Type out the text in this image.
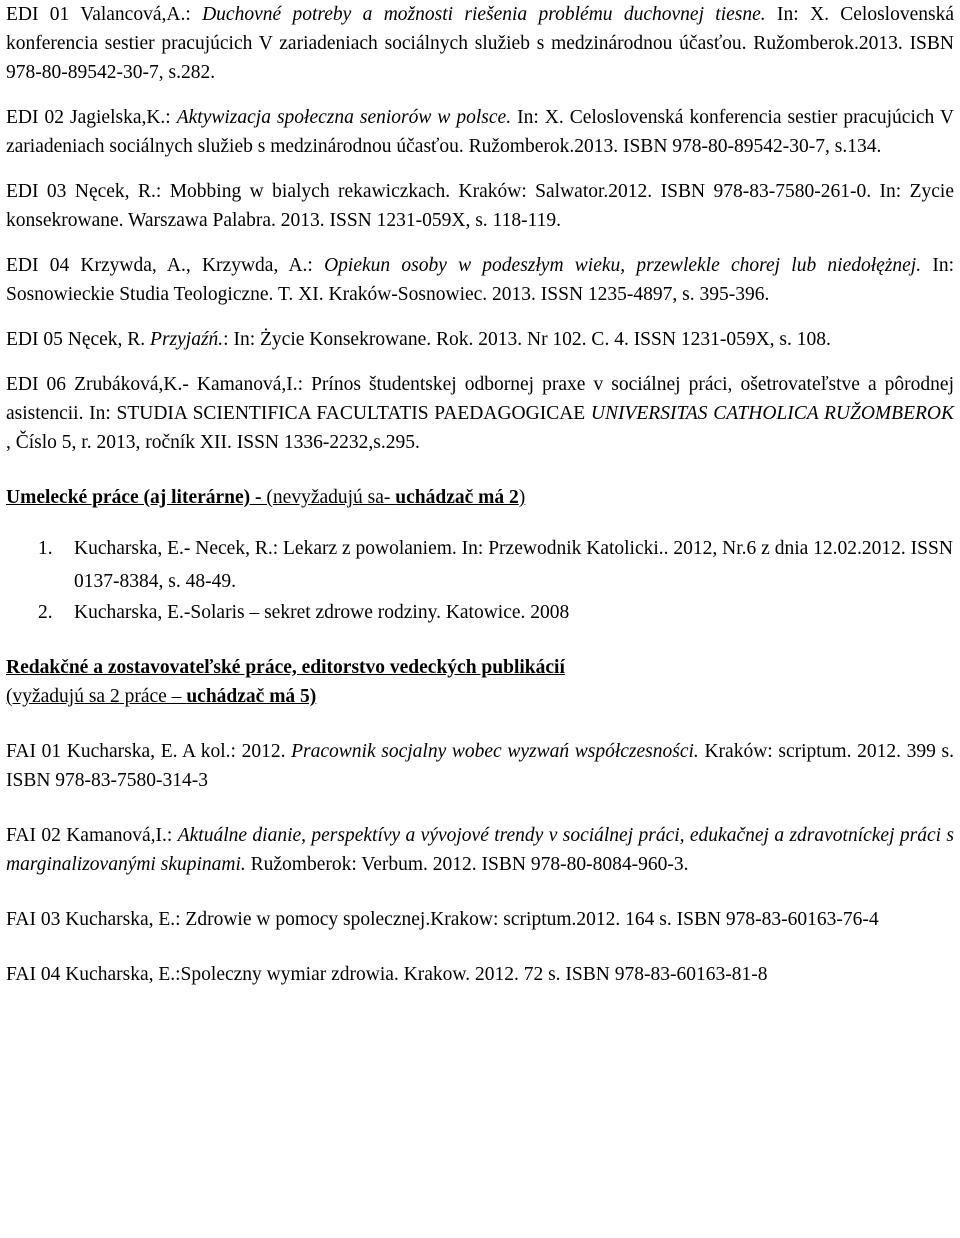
EDI 01 Valancová,A.: Duchovné potreby a možnosti riešenia problému duchovnej tiesne. In: X. Celoslovenská konferencia sestier pracujúcich V zariadeniach sociálnych služieb s medzinárodnou účasťou. Ružomberok.2013. ISBN 978-80-89542-30-7, s.282.

EDI 02 Jagielska,K.: Aktywizacja społeczna seniorów w polsce. In: X. Celoslovenská konferencia sestier pracujúcich V zariadeniach sociálnych služieb s medzinárodnou účasťou. Ružomberok.2013. ISBN 978-80-89542-30-7, s.134.

EDI 03 Nęcek, R.: Mobbing w bialych rekawiczkach. Kraków: Salwator.2012. ISBN 978-83-7580-261-0. In: Zycie konsekrowane. Warszawa Palabra. 2013. ISSN 1231-059X, s. 118-119.

EDI 04 Krzywda, A., Krzywda, A.: Opiekun osoby w podeszłym wieku, przewlekle chorej lub niedołężnej. In: Sosnowieckie Studia Teologiczne. T. XI. Kraków-Sosnowiec. 2013. ISSN 1235-4897, s. 395-396.

EDI 05 Nęcek, R. Przyjaźń.: In: Życie Konsekrowane. Rok. 2013. Nr 102. C. 4. ISSN 1231-059X, s. 108.

EDI 06 Zrubáková,K.- Kamanová,I.: Prínos študentskej odbornej praxe v sociálnej práci, ošetrovateľstve a pôrodnej asistencii. In: STUDIA SCIENTIFICA FACULTATIS PAEDAGOGICAE UNIVERSITAS CATHOLICA RUŽOMBEROK , Číslo 5, r. 2013, ročník XII. ISSN 1336-2232,s.295.

Umelecké práce (aj literárne) - (nevyžadujú sa- uchádzač má 2)

1. Kucharska, E.- Necek, R.: Lekarz z powolaniem. In: Przewodnik Katolicki.. 2012, Nr.6 z dnia 12.02.2012. ISSN 0137-8384, s. 48-49.
2. Kucharska, E.-Solaris – sekret zdrowe rodziny. Katowice. 2008

Redakčné a zostavovateľské práce, editorstvo vedeckých publikácií

(vyžadujú sa 2 práce – uchádzač má 5)

FAI 01 Kucharska, E. A kol.: 2012. Pracownik socjalny wobec wyzwań współczesności. Kraków: scriptum. 2012. 399 s. ISBN 978-83-7580-314-3

FAI 02 Kamanová,I.: Aktuálne dianie, perspektívy a vývojové trendy v sociálnej práci, edukačnej a zdravotníckej práci s marginalizovanými skupinami. Ružomberok: Verbum. 2012. ISBN 978-80-8084-960-3.

FAI 03 Kucharska, E.: Zdrowie w pomocy spolecznej.Krakow: scriptum.2012. 164 s. ISBN 978-83-60163-76-4

FAI 04 Kucharska, E.:Spoleczny wymiar zdrowia. Krakow. 2012. 72 s. ISBN 978-83-60163-81-8
